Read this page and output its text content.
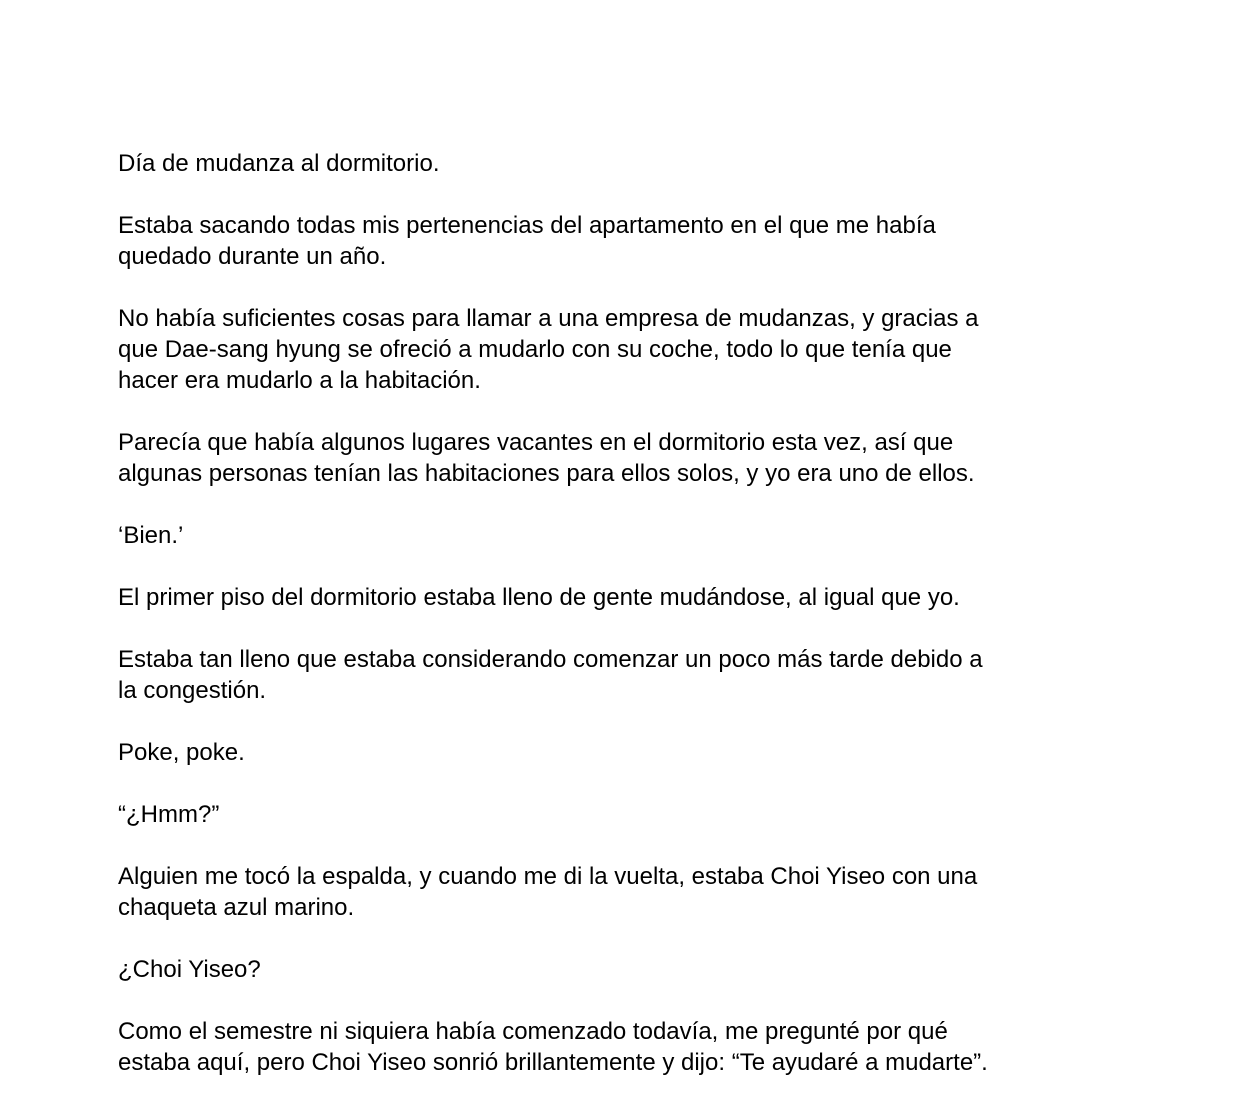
Día de mudanza al dormitorio.

Estaba sacando todas mis pertenencias del apartamento en el que me había
quedado durante un año.

No había suficientes cosas para llamar a una empresa de mudanzas, y gracias a
que Dae-sang hyung se ofreció a mudarlo con su coche, todo lo que tenía que
hacer era mudarlo a la habitación.

Parecía que había algunos lugares vacantes en el dormitorio esta vez, así que
algunas personas tenían las habitaciones para ellos solos, y yo era uno de ellos.

‘Bien.’

El primer piso del dormitorio estaba lleno de gente mudándose, al igual que yo.

Estaba tan lleno que estaba considerando comenzar un poco más tarde debido a
la congestión.

Poke, poke.

“¿Hmm?”

Alguien me tocó la espalda, y cuando me di la vuelta, estaba Choi Yiseo con una
chaqueta azul marino.

¿Choi Yiseo?

Como el semestre ni siquiera había comenzado todavía, me pregunté por qué
estaba aquí, pero Choi Yiseo sonrió brillantemente y dijo: “Te ayudaré a mudarte”.
